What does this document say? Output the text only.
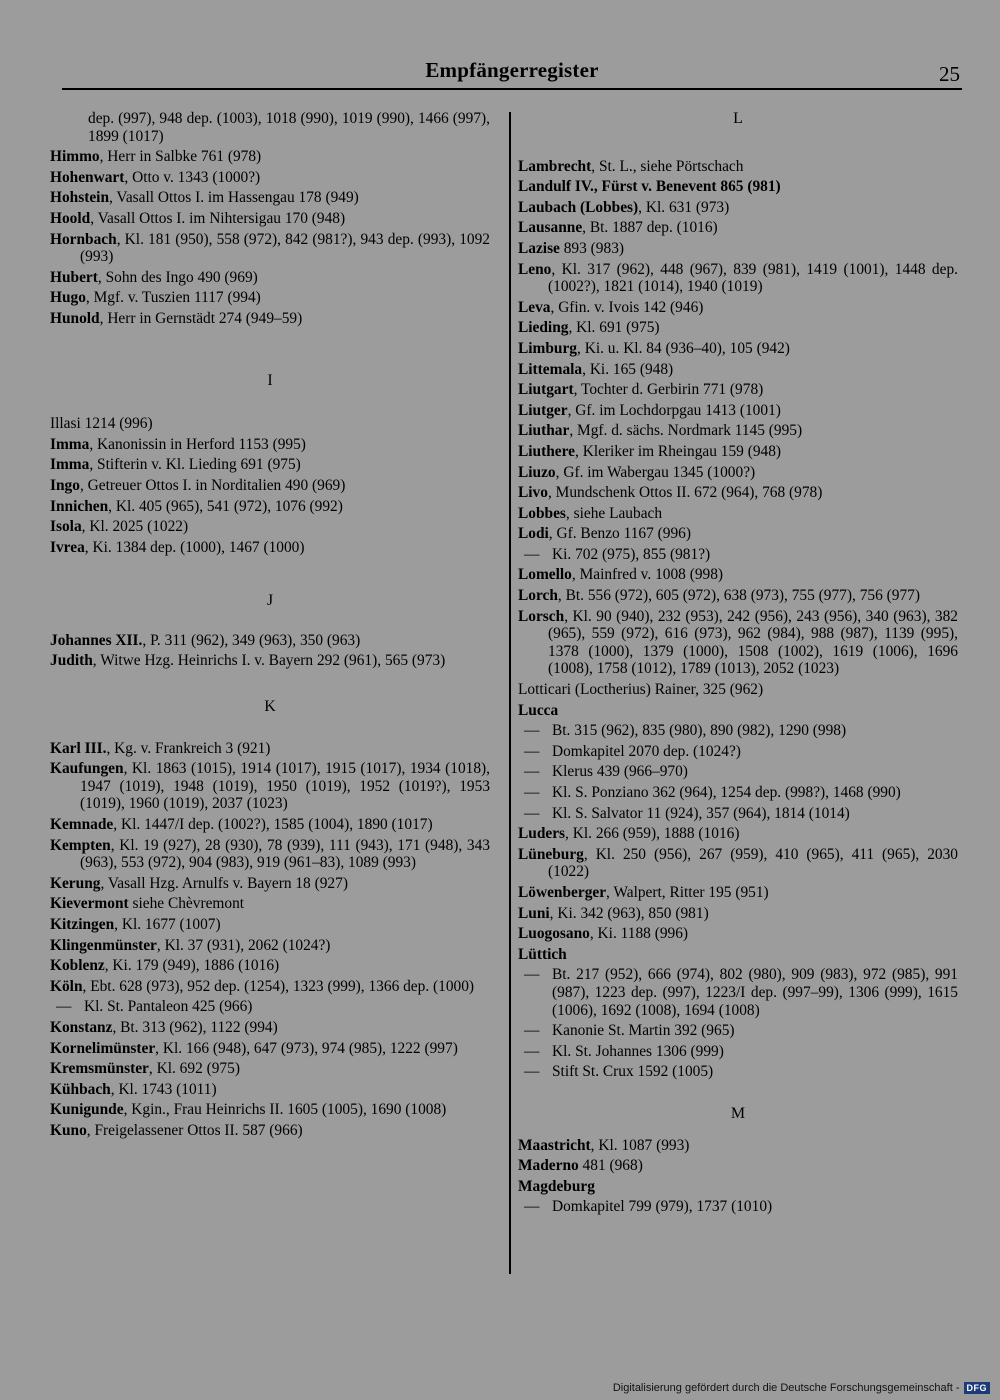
Empfängerregister	25
dep. (997), 948 dep. (1003), 1018 (990), 1019 (990), 1466 (997), 1899 (1017)
Himmo, Herr in Salbke 761 (978)
Hohenwart, Otto v. 1343 (1000?)
Hohstein, Vasall Ottos I. im Hassengau 178 (949)
Hoold, Vasall Ottos I. im Nihtersigau 170 (948)
Hornbach, Kl. 181 (950), 558 (972), 842 (981?), 943 dep. (993), 1092 (993)
Hubert, Sohn des Ingo 490 (969)
Hugo, Mgf. v. Tuszien 1117 (994)
Hunold, Herr in Gernstädt 274 (949–59)
I
Illasi 1214 (996)
Imma, Kanonissin in Herford 1153 (995)
Imma, Stifterin v. Kl. Lieding 691 (975)
Ingo, Getreuer Ottos I. in Norditalien 490 (969)
Innichen, Kl. 405 (965), 541 (972), 1076 (992)
Isola, Kl. 2025 (1022)
Ivrea, Ki. 1384 dep. (1000), 1467 (1000)
J
Johannes XII., P. 311 (962), 349 (963), 350 (963)
Judith, Witwe Hzg. Heinrichs I. v. Bayern 292 (961), 565 (973)
K
Karl III., Kg. v. Frankreich 3 (921)
Kaufungen, Kl. 1863 (1015), 1914 (1017), 1915 (1017), 1934 (1018), 1947 (1019), 1948 (1019), 1950 (1019), 1952 (1019?), 1953 (1019), 1960 (1019), 2037 (1023)
Kemnade, Kl. 1447/I dep. (1002?), 1585 (1004), 1890 (1017)
Kempten, Kl. 19 (927), 28 (930), 78 (939), 111 (943), 171 (948), 343 (963), 553 (972), 904 (983), 919 (961–83), 1089 (993)
Kerung, Vasall Hzg. Arnulfs v. Bayern 18 (927)
Kievermont siehe Chèvremont
Kitzingen, Kl. 1677 (1007)
Klingenmünster, Kl. 37 (931), 2062 (1024?)
Koblenz, Ki. 179 (949), 1886 (1016)
Köln, Ebt. 628 (973), 952 dep. (1254), 1323 (999), 1366 dep. (1000)
— Kl. St. Pantaleon 425 (966)
Konstanz, Bt. 313 (962), 1122 (994)
Kornelimünster, Kl. 166 (948), 647 (973), 974 (985), 1222 (997)
Kremsmünster, Kl. 692 (975)
Kühbach, Kl. 1743 (1011)
Kunigunde, Kgin., Frau Heinrichs II. 1605 (1005), 1690 (1008)
Kuno, Freigelassener Ottos II. 587 (966)
L
Lambrecht, St. L., siehe Pörtschach
Landulf IV., Fürst v. Benevent 865 (981)
Laubach (Lobbes), Kl. 631 (973)
Lausanne, Bt. 1887 dep. (1016)
Lazise 893 (983)
Leno, Kl. 317 (962), 448 (967), 839 (981), 1419 (1001), 1448 dep. (1002?), 1821 (1014), 1940 (1019)
Leva, Gfin. v. Ivois 142 (946)
Lieding, Kl. 691 (975)
Limburg, Ki. u. Kl. 84 (936–40), 105 (942)
Littemala, Ki. 165 (948)
Liutgart, Tochter d. Gerbirin 771 (978)
Liutger, Gf. im Lochdorpgau 1413 (1001)
Liuthar, Mgf. d. sächs. Nordmark 1145 (995)
Liuthere, Kleriker im Rheingau 159 (948)
Liuzo, Gf. im Wabergau 1345 (1000?)
Livo, Mundschenk Ottos II. 672 (964), 768 (978)
Lobbes, siehe Laubach
Lodi, Gf. Benzo 1167 (996)
— Ki. 702 (975), 855 (981?)
Lomello, Mainfred v. 1008 (998)
Lorch, Bt. 556 (972), 605 (972), 638 (973), 755 (977), 756 (977)
Lorsch, Kl. 90 (940), 232 (953), 242 (956), 243 (956), 340 (963), 382 (965), 559 (972), 616 (973), 962 (984), 988 (987), 1139 (995), 1378 (1000), 1379 (1000), 1508 (1002), 1619 (1006), 1696 (1008), 1758 (1012), 1789 (1013), 2052 (1023)
Lotticari (Loctherius) Rainer, 325 (962)
Lucca
— Bt. 315 (962), 835 (980), 890 (982), 1290 (998)
— Domkapitel 2070 dep. (1024?)
— Klerus 439 (966–970)
— Kl. S. Ponziano 362 (964), 1254 dep. (998?), 1468 (990)
— Kl. S. Salvator 11 (924), 357 (964), 1814 (1014)
Luders, Kl. 266 (959), 1888 (1016)
Lüneburg, Kl. 250 (956), 267 (959), 410 (965), 411 (965), 2030 (1022)
Löwenberger, Walpert, Ritter 195 (951)
Luni, Ki. 342 (963), 850 (981)
Luogosano, Ki. 1188 (996)
Lüttich
— Bt. 217 (952), 666 (974), 802 (980), 909 (983), 972 (985), 991 (987), 1223 dep. (997), 1223/I dep. (997–99), 1306 (999), 1615 (1006), 1692 (1008), 1694 (1008)
— Kanonie St. Martin 392 (965)
— Kl. St. Johannes 1306 (999)
— Stift St. Crux 1592 (1005)
M
Maastricht, Kl. 1087 (993)
Maderno 481 (968)
Magdeburg
— Domkapitel 799 (979), 1737 (1010)
Digitalisierung gefördert durch die Deutsche Forschungsgemeinschaft - DFG
